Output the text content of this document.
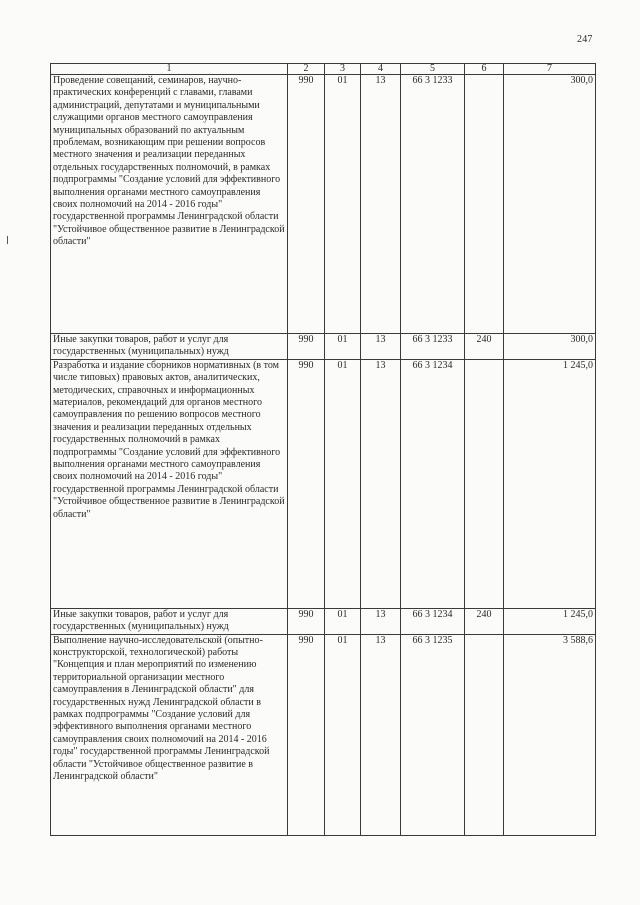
247
1	2	3	4	5	6	7
Проведение совещаний, семинаров, научно-практических конференций с главами, главами администраций, депутатами и муниципальными служащими органов местного самоуправления муниципальных образований по актуальным проблемам, возникающим при решении вопросов местного значения и реализации переданных отдельных государственных полномочий, в рамках подпрограммы "Создание условий для эффективного выполнения органами местного самоуправления своих полномочий на 2014 - 2016 годы" государственной программы Ленинградской области "Устойчивое общественное развитие в Ленинградской области"	990	01	13	66 3 1233		300,0
Иные закупки товаров, работ и услуг для государственных (муниципальных) нужд	990	01	13	66 3 1233	240	300,0
Разработка и издание сборников нормативных (в том числе типовых) правовых актов, аналитических, методических, справочных и информационных материалов, рекомендаций для органов местного самоуправления по решению вопросов местного значения и реализации переданных отдельных государственных полномочий в рамках подпрограммы "Создание условий для эффективного выполнения органами местного самоуправления своих полномочий на 2014 - 2016 годы" государственной программы Ленинградской области "Устойчивое общественное развитие в Ленинградской области"	990	01	13	66 3 1234		1 245,0
Иные закупки товаров, работ и услуг для государственных (муниципальных) нужд	990	01	13	66 3 1234	240	1 245,0
Выполнение научно-исследовательской (опытно-конструкторской, технологической) работы "Концепция и план мероприятий по изменению территориальной организации местного самоуправления в Ленинградской области" для государственных нужд Ленинградской области в рамках подпрограммы "Создание условий для эффективного выполнения органами местного самоуправления своих полномочий на 2014 - 2016 годы" государственной программы Ленинградской области "Устойчивое общественное развитие в Ленинградской области"	990	01	13	66 3 1235		3 588,6
